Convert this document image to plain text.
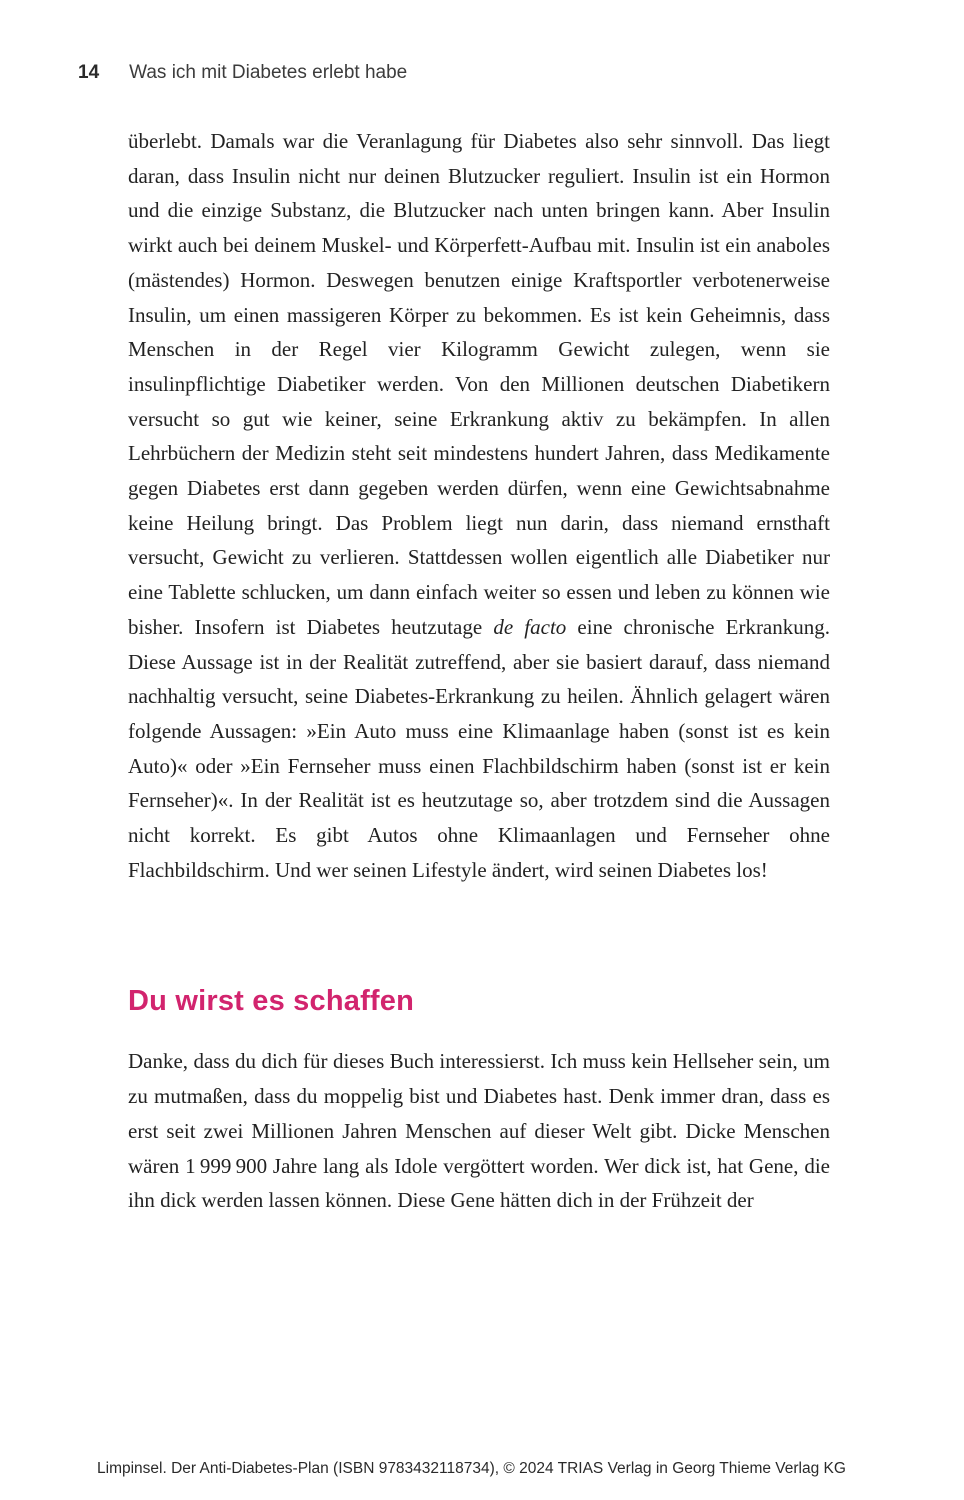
14 Was ich mit Diabetes erlebt habe

überlebt. Damals war die Veranlagung für Diabetes also sehr sinnvoll. Das liegt daran, dass Insulin nicht nur deinen Blutzucker reguliert. Insulin ist ein Hormon und die einzige Substanz, die Blutzucker nach unten bringen kann. Aber Insulin wirkt auch bei deinem Muskel- und Körperfett-Aufbau mit. Insulin ist ein anaboles (mästendes) Hormon. Deswegen benutzen einige Kraftsportler verbotenerweise Insulin, um einen massigeren Körper zu bekommen. Es ist kein Geheimnis, dass Menschen in der Regel vier Kilogramm Gewicht zulegen, wenn sie insulinpflichtige Diabetiker werden. Von den Millionen deutschen Diabetikern versucht so gut wie keiner, seine Erkrankung aktiv zu bekämpfen. In allen Lehrbüchern der Medizin steht seit mindestens hundert Jahren, dass Medikamente gegen Diabetes erst dann gegeben werden dürfen, wenn eine Gewichtsabnahme keine Heilung bringt. Das Problem liegt nun darin, dass niemand ernsthaft versucht, Gewicht zu verlieren. Stattdessen wollen eigentlich alle Diabetiker nur eine Tablette schlucken, um dann einfach weiter so essen und leben zu können wie bisher. Insofern ist Diabetes heutzutage de facto eine chronische Erkrankung. Diese Aussage ist in der Realität zutreffend, aber sie basiert darauf, dass niemand nachhaltig versucht, seine Diabetes-Erkrankung zu heilen. Ähnlich gelagert wären folgende Aussagen: »Ein Auto muss eine Klimaanlage haben (sonst ist es kein Auto)« oder »Ein Fernseher muss einen Flachbildschirm haben (sonst ist er kein Fernseher)«. In der Realität ist es heutzutage so, aber trotzdem sind die Aussagen nicht korrekt. Es gibt Autos ohne Klimaanlagen und Fernseher ohne Flachbildschirm. Und wer seinen Lifestyle ändert, wird seinen Diabetes los!

Du wirst es schaffen

Danke, dass du dich für dieses Buch interessierst. Ich muss kein Hellseher sein, um zu mutmaßen, dass du moppelig bist und Diabetes hast. Denk immer dran, dass es erst seit zwei Millionen Jahren Menschen auf dieser Welt gibt. Dicke Menschen wären 1 999 900 Jahre lang als Idole vergöttert worden. Wer dick ist, hat Gene, die ihn dick werden lassen können. Diese Gene hätten dich in der Frühzeit der

Limpinsel. Der Anti-Diabetes-Plan (ISBN 9783432118734), © 2024 TRIAS Verlag in Georg Thieme Verlag KG
